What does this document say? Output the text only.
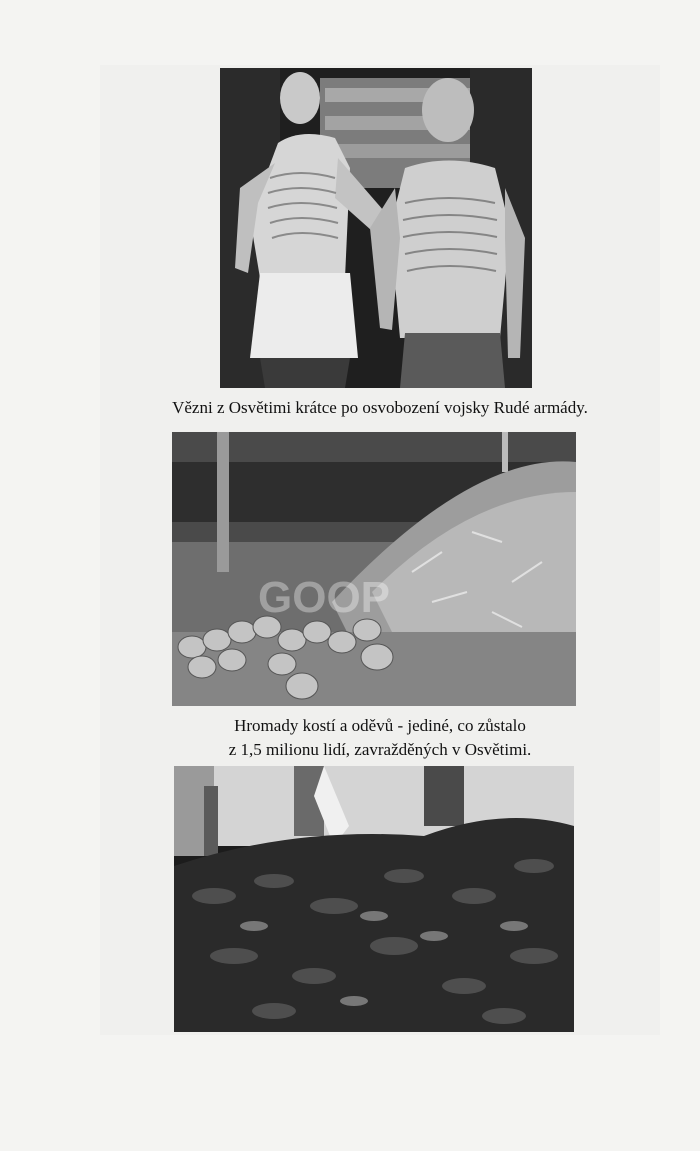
Vězni z Osvětimi krátce po osvobození vojsky Rudé armády.
GOOP
Hromady kostí a oděvů - jediné, co zůstalo
z 1,5 milionu lidí, zavražděných v Osvětimi.
